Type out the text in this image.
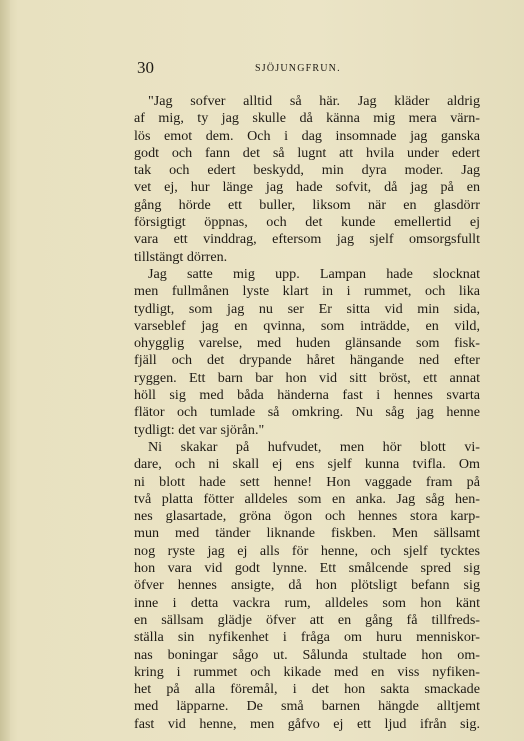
30	SJÖJUNGFRUN.
"Jag sofver alltid så här. Jag kläder aldrig
af mig, ty jag skulle då känna mig mera värn-
lös emot dem. Och i dag insomnade jag ganska
godt och fann det så lugnt att hvila under edert
tak och edert beskydd, min dyra moder. Jag
vet ej, hur länge jag hade sofvit, då jag på en
gång hörde ett buller, liksom när en glasdörr
försigtigt öppnas, och det kunde emellertid ej
vara ett vinddrag, eftersom jag sjelf omsorgsfullt
tillstängt dörren.
Jag satte mig upp. Lampan hade slocknat
men fullmånen lyste klart in i rummet, och lika
tydligt, som jag nu ser Er sitta vid min sida,
varseblef jag en qvinna, som inträdde, en vild,
ohygglig varelse, med huden glänsande som fisk-
fjäll och det drypande håret hängande ned efter
ryggen. Ett barn bar hon vid sitt bröst, ett annat
höll sig med båda händerna fast i hennes svarta
flätor och tumlade så omkring. Nu såg jag henne
tydligt: det var sjörån."
Ni skakar på hufvudet, men hör blott vi-
dare, och ni skall ej ens sjelf kunna tvifla. Om
ni blott hade sett henne! Hon vaggade fram på
två platta fötter alldeles som en anka. Jag såg hen-
nes glasartade, gröna ögon och hennes stora karp-
mun med tänder liknande fiskben. Men sällsamt
nog ryste jag ej alls för henne, och sjelf tycktes
hon vara vid godt lynne. Ett smålcende spred sig
öfver hennes ansigte, då hon plötsligt befann sig
inne i detta vackra rum, alldeles som hon känt
en sällsam glädje öfver att en gång få tillfreds-
ställa sin nyfikenhet i fråga om huru menniskor-
nas boningar sågo ut. Sålunda stultade hon om-
kring i rummet och kikade med en viss nyfiken-
het på alla föremål, i det hon sakta smackade
med läpparne. De små barnen hängde alltjemt
fast vid henne, men gåfvo ej ett ljud ifrån sig.
